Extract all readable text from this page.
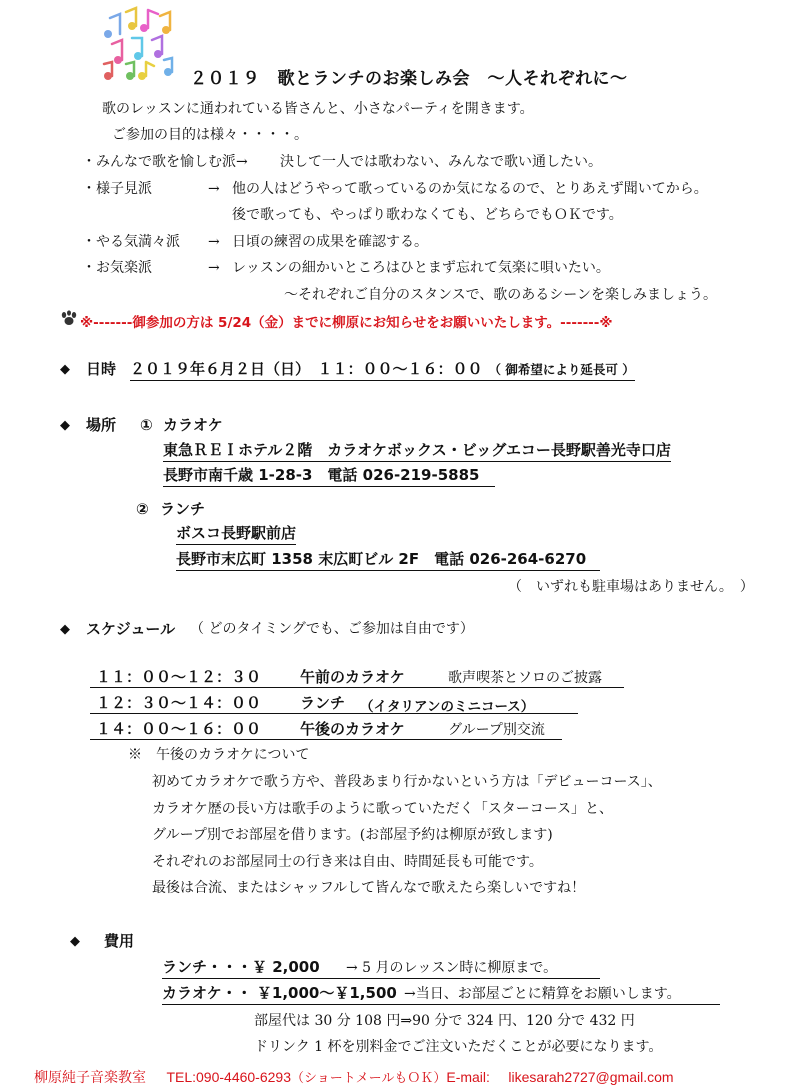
２０１９　歌とランチのお楽しみ会　～人それぞれに～
歌のレッスンに通われている皆さんと、小さなパーティを開きます。
ご参加の目的は様々・・・・。
・みんなで歌を愉しむ派→ 決して一人では歌わない、みんなで歌い通したい。
・様子見派	→ 他の人はどうやって歌っているのか気になるので、とりあえず聞いてから。
後で歌っても、やっぱり歌わなくても、どちらでもＯＫです。
・やる気満々派 → 日頃の練習の成果を確認する。
・お気楽派	→ レッスンの細かいところはひとまず忘れて気楽に唄いたい。
～それぞれご自分のスタンスで、歌のあるシーンを楽しみましょう。
※-------御参加の方は 5/24（金）までに柳原にお知らせをお願いいたします。-------※
◆ 日時 ２０１９年６月２日（日）　１１：００～１６：００ （ 御希望により延長可 ）
◆ 場所 ① カラオケ
東急ＲＥＩホテル２階　カラオケボックス・ビッグエコー長野駅善光寺口店
長野市南千歳 1-28-3　電話 026-219-5885
② ランチ
ボスコ長野駅前店
長野市末広町 1358 末広町ビル 2F　電話 026-264-6270
（　いずれも駐車場はありません。　）
◆ スケジュール （ どのタイミングでも、ご参加は自由です）
１１：００～１２：３０	午前のカラオケ	歌声喫茶とソロのご披露
１２：３０～１４：００	ランチ （イタリアンのミニコース）
１４：００～１６：００	午後のカラオケ	グループ別交流
※　午後のカラオケについて
初めてカラオケで歌う方や、普段あまり行かないという方は「デビューコース」、
カラオケ歴の長い方は歌手のように歌っていただく「スターコース」と、
グループ別でお部屋を借ります。(お部屋予約は柳原が致します)
それぞれのお部屋同士の行き来は自由、時間延長も可能です。
最後は合流、またはシャッフルして皆んなで歌えたら楽しいですね！
◆ 費用
ランチ・・・￥ 2,000 → 5 月のレッスン時に柳原まで。
カラオケ・・ ￥1,000～￥1,500 →当日、お部屋ごとに精算をお願いします。
部屋代は 30 分 108 円⇒90 分で 324 円、120 分で 432 円
ドリンク 1 杯を別料金でご注文いただくことが必要になります。
柳原純子音楽教室 TEL:090-4460-6293（ショートメールもＯＫ）E-mail: likesarah2727@gmail.com
